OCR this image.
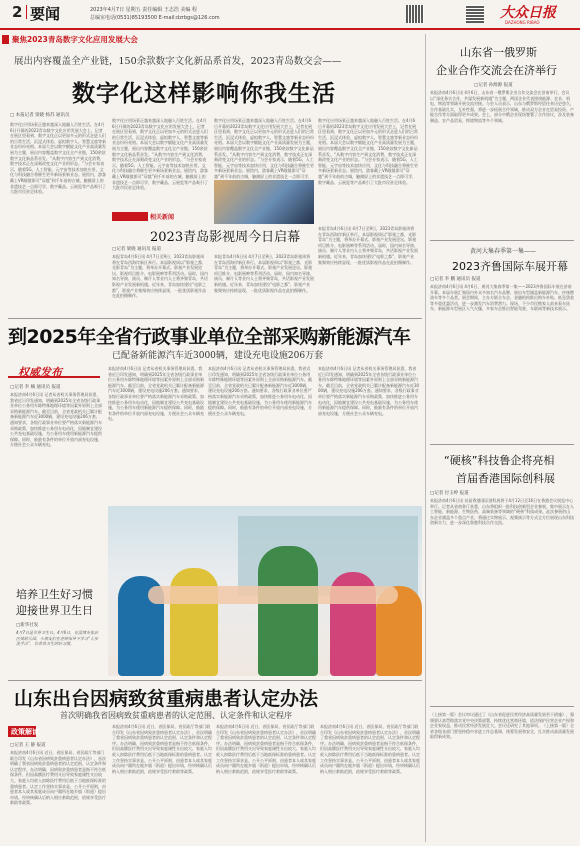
2 要闻	2023年4月7日 星期五 责任编辑 王志浩 美编 程
总编室电话(0531)85193500 E-mail:dzrbgs@126.com	大众日报
DAZHONG RIBAO
聚焦2023青岛数字文化应用发展大会
展出内容覆盖全产业链，150余款数字文化新品系首发，2023青岛数交会——
数字化这样影响你我生活
□ 本报记者 梁晓 杨苏 通讯员
数字化应用场景正越来越深入地融入百姓生活。在4月6日开幕的2023青岛数字文化应用发展大会上，记者在展区里看到，数字文化正以更加多元的形式走进人们的日常生活，沉浸式体验、虚拟数字人、智慧文旅等新业态纷纷亮相。本届大会以数字赋能文化产业高质量发展为主题，展出内容覆盖数字文化全产业链，150余款数字文化新品系首发。“从数字内容生产到文化消费，数字技术正在深刻改变文化产业的形态。”与会专家表示，随着5G、人工智能、元宇宙等技术加快应用，文化与科技融合将催生更多新场景新业态。展馆内，游客戴上VR眼镜即可“穿越”到千年前的古城，触摸屏上的非遗技艺一点即可学，数字藏品、云展览等产品吸引了大批市民驻足体验。
数字化应用场景正越来越深入地融入百姓生活。在4月6日开幕的2023青岛数字文化应用发展大会上，记者在展区里看到，数字文化正以更加多元的形式走进人们的日常生活，沉浸式体验、虚拟数字人、智慧文旅等新业态纷纷亮相。本届大会以数字赋能文化产业高质量发展为主题，展出内容覆盖数字文化全产业链，150余款数字文化新品系首发。“从数字内容生产到文化消费，数字技术正在深刻改变文化产业的形态。”与会专家表示，随着5G、人工智能、元宇宙等技术加快应用，文化与科技融合将催生更多新场景新业态。展馆内，游客戴上VR眼镜即可“穿越”到千年前的古城，触摸屏上的非遗技艺一点即可学，数字藏品、云展览等产品吸引了大批市民驻足体验。
数字化应用场景正越来越深入地融入百姓生活。在4月6日开幕的2023青岛数字文化应用发展大会上，记者在展区里看到，数字文化正以更加多元的形式走进人们的日常生活，沉浸式体验、虚拟数字人、智慧文旅等新业态纷纷亮相。本届大会以数字赋能文化产业高质量发展为主题，展出内容覆盖数字文化全产业链，150余款数字文化新品系首发。“从数字内容生产到文化消费，数字技术正在深刻改变文化产业的形态。”与会专家表示，随着5G、人工智能、元宇宙等技术加快应用，文化与科技融合将催生更多新场景新业态。展馆内，游客戴上VR眼镜即可“穿越”到千年前的古城，触摸屏上的非遗技艺一点即可学，
数字化应用场景正越来越深入地融入百姓生活。在4月6日开幕的2023青岛数字文化应用发展大会上，记者在展区里看到，数字文化正以更加多元的形式走进人们的日常生活，沉浸式体验、虚拟数字人、智慧文旅等新业态纷纷亮相。本届大会以数字赋能文化产业高质量发展为主题，展出内容覆盖数字文化全产业链，150余款数字文化新品系首发。“从数字内容生产到文化消费，数字技术正在深刻改变文化产业的形态。”与会专家表示，随着5G、人工智能、元宇宙等技术加快应用，文化与科技融合将催生更多新场景新业态。展馆内，游客戴上VR眼镜即可“穿越”到千年前的古城，触摸屏上的非遗技艺一点即可学，数字藏品、云展览等产品吸引了大批市民驻足体验。
相关新闻
2023青岛影视周今日启幕
□记者 梁晓 通讯员 报道
本报青岛4月6日讯 4月7日至9日，2023青岛影视周将在青岛西海岸新区举行。本届影视周以“影视之都，光影青岛”为主题，将举办开幕式、影视产业发展论坛、影视项目推介、电影展映等系列活动。届时，国内知名导演、演员、制片人等业内人士将齐聚青岛，共话影视产业发展新机遇。近年来，青岛加快建设“电影之都”，影视产业集聚效应持续显现，一批优质影视作品在此拍摄制作。
本报青岛4月6日讯 4月7日至9日，2023青岛影视周将在青岛西海岸新区举行。本届影视周以“影视之都，光影青岛”为主题，将举办开幕式、影视产业发展论坛、影视项目推介、电影展映等系列活动。届时，国内知名导演、演员、制片人等业内人士将齐聚青岛，共话影视产业发展新机遇。近年来，青岛加快建设“电影之都”，影视产业集聚效应持续显现，一批优质影视作品在此拍摄制作。
本报青岛4月6日讯 4月7日至9日，2023青岛影视周将在青岛西海岸新区举行。本届影视周以“影视之都，光影青岛”为主题，将举办开幕式、影视产业发展论坛、影视项目推介、电影展映等系列活动。届时，国内知名导演、演员、制片人等业内人士将齐聚青岛，共话影视产业发展新机遇。近年来，青岛加快建设“电影之都”，影视产业集聚效应持续显现，一批优质影视作品在此拍摄制作。
到2025年全省行政事业单位全部采购新能源汽车
已配备新能源汽车近3000辆，建设充电设施206万套
权威发布
□记者 李 楠 通讯员 报道
本报济南4月6日讯 记者从省机关事务管理局获悉，我省近日印发通知，明确到2025年全省各级行政事业单位公务用车除特殊地理环境等因素外原则上全部采购新能源汽车。截至目前，全省党政机关已累计配备新能源汽车近3000辆，建设充电设施206万套。通知要求，各级行政事业单位要严格落实新能源汽车采购政策，加快推进公务用车电动化，因地制宜建设公共充电基础设施，为公务用车使用新能源汽车提供保障。同时，鼓励有条件的单位开放内部充电设施，方便社会公众车辆充电。
本报济南4月6日讯 记者从省机关事务管理局获悉，我省近日印发通知，明确到2025年全省各级行政事业单位公务用车除特殊地理环境等因素外原则上全部采购新能源汽车。截至目前，全省党政机关已累计配备新能源汽车近3000辆，建设充电设施206万套。通知要求，各级行政事业单位要严格落实新能源汽车采购政策，加快推进公务用车电动化，因地制宜建设公共充电基础设施，为公务用车使用新能源汽车提供保障。同时，鼓励有条件的单位开放内部充电设施，方便社会公众车辆充电。
本报济南4月6日讯 记者从省机关事务管理局获悉，我省近日印发通知，明确到2025年全省各级行政事业单位公务用车除特殊地理环境等因素外原则上全部采购新能源汽车。截至目前，全省党政机关已累计配备新能源汽车近3000辆，建设充电设施206万套。通知要求，各级行政事业单位要严格落实新能源汽车采购政策，加快推进公务用车电动化，因地制宜建设公共充电基础设施，为公务用车使用新能源汽车提供保障。同时，鼓励有条件的单位开放内部充电设施，方便社会公众车辆充电。
本报济南4月6日讯 记者从省机关事务管理局获悉，我省近日印发通知，明确到2025年全省各级行政事业单位公务用车除特殊地理环境等因素外原则上全部采购新能源汽车。截至目前，全省党政机关已累计配备新能源汽车近3000辆，建设充电设施206万套。通知要求，各级行政事业单位要严格落实新能源汽车采购政策，加快推进公务用车电动化，因地制宜建设公共充电基础设施，为公务用车使用新能源汽车提供保障。同时，鼓励有条件的单位开放内部充电设施，方便社会公众车辆充电。
培养卫生好习惯
迎接世界卫生日
□新华社发
4月7日是世界卫生日。4月6日，在淄博市张店区某幼儿园，小朋友们在老师指导下学习“七步洗手法”，培养讲卫生的好习惯。
山东出台因病致贫重病患者认定办法
首次明确我省因病致贫重病患者的认定范围、认定条件和认定程序
政策解读
□记者 王 静 报道
本报济南4月6日讯 近日，省医保局、省民政厅等部门联合印发《山东省因病致贫重病患者认定办法》，首次明确了我省因病致贫重病患者的认定范围、认定条件和认定程序。办法明确，因病致贫重病患者是指不符合低保条件，但因高额医疗费用支出导致家庭刚性支出较大、家庭人均收入扣除医疗费用后低于当地低保标准的重病患者。认定工作坚持实事求是、公开公平原则，由患者本人或其家庭成员向户籍所在地乡镇（街道）提出申请，经审核确认后纳入相应救助范围，依规享受医疗救助等政策。
本报济南4月6日讯 近日，省医保局、省民政厅等部门联合印发《山东省因病致贫重病患者认定办法》，首次明确了我省因病致贫重病患者的认定范围、认定条件和认定程序。办法明确，因病致贫重病患者是指不符合低保条件，但因高额医疗费用支出导致家庭刚性支出较大、家庭人均收入扣除医疗费用后低于当地低保标准的重病患者。认定工作坚持实事求是、公开公平原则，由患者本人或其家庭成员向户籍所在地乡镇（街道）提出申请，经审核确认后纳入相应救助范围，依规享受医疗救助等政策。
本报济南4月6日讯 近日，省医保局、省民政厅等部门联合印发《山东省因病致贫重病患者认定办法》，首次明确了我省因病致贫重病患者的认定范围、认定条件和认定程序。办法明确，因病致贫重病患者是指不符合低保条件，但因高额医疗费用支出导致家庭刚性支出较大、家庭人均收入扣除医疗费用后低于当地低保标准的重病患者。认定工作坚持实事求是、公开公平原则，由患者本人或其家庭成员向户籍所在地乡镇（街道）提出申请，经审核确认后纳入相应救助范围，依规享受医疗救助等政策。
本报济南4月6日讯 近日，省医保局、省民政厅等部门联合印发《山东省因病致贫重病患者认定办法》，首次明确了我省因病致贫重病患者的认定范围、认定条件和认定程序。办法明确，因病致贫重病患者是指不符合低保条件，但因高额医疗费用支出导致家庭刚性支出较大、家庭人均收入扣除医疗费用后低于当地低保标准的重病患者。认定工作坚持实事求是、公开公平原则，由患者本人或其家庭成员向户籍所在地乡镇（街道）提出申请，经审核确认后纳入相应救助范围，依规享受医疗救助等政策。
山东省一俄罗斯
企业合作交流会在济举行
□记者 孙源源 报道
本报济南4月6日讯 4月6日，山东省一俄罗斯企业合作交流会在济南举行。会议以“深化务实合作，共谋发展新机遇”为主题，两国企业代表围绕能源、农业、机电、物流等领域开展交流对接。与会人员表示，山东与俄罗斯经贸往来历史悠久，合作基础扎实，互补性强，将进一步拓展合作领域，推动双方企业在贸易投资、产能合作等方面取得更多成果。会上，部分中俄企业现场签署了合作协议，涉及装备制造、农产品贸易、跨境物流等多个领域。
黄河大集春季第一集——
2023齐鲁国际车展开幕
□记者 李 鹏 通讯员 报道
本报济南4月6日讯 4月6日，黄河大集春季第一集——2023齐鲁国际车展在济南开幕。本届车展汇聚国内外众多知名汽车品牌，展出车型涵盖新能源汽车、传统燃油车等多个品类。展会期间，主办方联合车企、金融机构推出购车补贴、低息贷款等多重优惠活动，进一步激发汽车消费潜力。现场，不少市民携家人前来看车选车，新能源车型展区人气火爆，多家车企推出智能驾驶、车联网等新技术展示。
“硬核”科技鲁企将亮相
首届香港国际创科展
□记者 付玉婷 报道
本报济南4月6日讯 首届香港国际创科展将于4月12日至16日在香港会议展览中心举行。记者从省商务厅获悉，山东将组织一批科技创新型企业参展，集中展示在人工智能、新能源、生物医药、高端装备等领域的“硬核”科技成果。此次参展的山东企业涵盖多个重点产业，将通过实物展示、视频演示等方式全方位展现山东科技创新实力，进一步深化鲁港科技合作交流。
（上接第一版）会议审议通过了《山东省促进民营经济高质量发展若干措施》，强调要认真贯彻落实党中央决策部署，持续优化营商环境，依法保护民营企业产权和企业家权益，推动民营经济发展壮大。会议还研究了其他事项。（上接第一版）全省各级各部门要坚持稳中求进工作总基调，统筹发展和安全，扎实推动高质量发展取得新成效。
